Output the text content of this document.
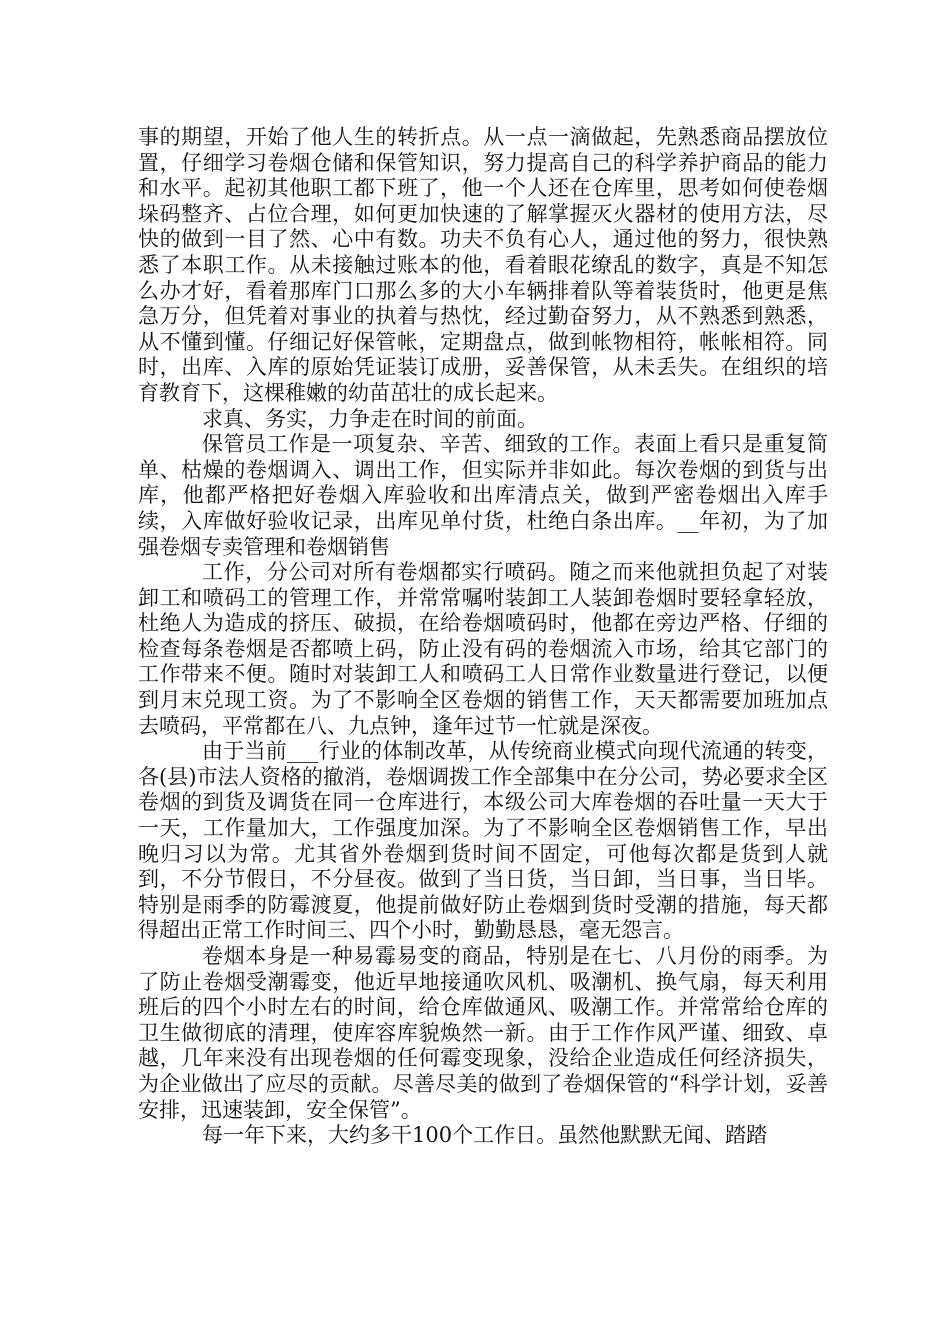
事的期望，开始了他人生的转折点。从一点一滴做起，先熟悉商品摆放位置，仔细学习卷烟仓储和保管知识，努力提高自己的科学养护商品的能力和水平。起初其他职工都下班了，他一个人还在仓库里，思考如何使卷烟垛码整齐、占位合理，如何更加快速的了解掌握灭火器材的使用方法，尽快的做到一目了然、心中有数。功夫不负有心人，通过他的努力，很快熟悉了本职工作。从未接触过账本的他，看着眼花缭乱的数字，真是不知怎么办才好，看着那库门口那么多的大小车辆排着队等着装货时，他更是焦急万分，但凭着对事业的执着与热忱，经过勤奋努力，从不熟悉到熟悉，从不懂到懂。仔细记好保管帐，定期盘点，做到帐物相符，帐帐相符。同时，出库、入库的原始凭证装订成册，妥善保管，从未丢失。在组织的培育教育下，这棵稚嫩的幼苗茁壮的成长起来。

求真、务实，力争走在时间的前面。

保管员工作是一项复杂、辛苦、细致的工作。表面上看只是重复简单、枯燥的卷烟调入、调出工作，但实际并非如此。每次卷烟的到货与出库，他都严格把好卷烟入库验收和出库清点关，做到严密卷烟出入库手续，入库做好验收记录，出库见单付货，杜绝白条出库。__年初，为了加强卷烟专卖管理和卷烟销售

工作，分公司对所有卷烟都实行喷码。随之而来他就担负起了对装卸工和喷码工的管理工作，并常常嘱咐装卸工人装卸卷烟时要轻拿轻放，杜绝人为造成的挤压、破损，在给卷烟喷码时，他都在旁边严格、仔细的检查每条卷烟是否都喷上码，防止没有码的卷烟流入市场，给其它部门的工作带来不便。随时对装卸工人和喷码工人日常作业数量进行登记，以便到月末兑现工资。为了不影响全区卷烟的销售工作，天天都需要加班加点去喷码，平常都在八、九点钟，逢年过节一忙就是深夜。

由于当前___行业的体制改革，从传统商业模式向现代流通的转变，各(县)市法人资格的撤消，卷烟调拨工作全部集中在分公司，势必要求全区卷烟的到货及调货在同一仓库进行，本级公司大库卷烟的吞吐量一天大于一天，工作量加大，工作强度加深。为了不影响全区卷烟销售工作，早出晚归习以为常。尤其省外卷烟到货时间不固定，可他每次都是货到人就到，不分节假日，不分昼夜。做到了当日货，当日卸，当日事，当日毕。特别是雨季的防霉渡夏，他提前做好防止卷烟到货时受潮的措施，每天都得超出正常工作时间三、四个小时，勤勤恳恳，毫无怨言。

卷烟本身是一种易霉易变的商品，特别是在七、八月份的雨季。为了防止卷烟受潮霉变，他近早地接通吹风机、吸潮机、换气扇，每天利用班后的四个小时左右的时间，给仓库做通风、吸潮工作。并常常给仓库的卫生做彻底的清理，使库容库貌焕然一新。由于工作作风严谨、细致、卓越，几年来没有出现卷烟的任何霉变现象，没给企业造成任何经济损失，为企业做出了应尽的贡献。尽善尽美的做到了卷烟保管的“科学计划，妥善安排，迅速装卸，安全保管”。

每一年下来，大约多干100个工作日。虽然他默默无闻、踏踏
